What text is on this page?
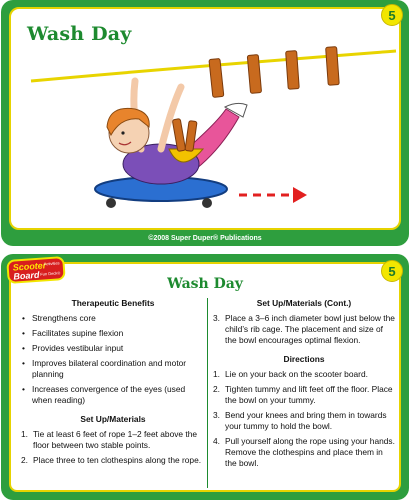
Wash Day
5
©2008 Super Duper® Publications
Wash Day
Therapeutic Benefits
• Strengthens core
• Facilitates supine flexion
• Provides vestibular input
• Improves bilateral coordination and motor planning
• Increases convergence of the eyes (used when reading)
Set Up/Materials
1. Tie at least 6 feet of rope 1–2 feet above the floor between two stable points.
2. Place three to ten clothespins along the rope.
Set Up/Materials (Cont.)
3. Place a 3–6 inch diameter bowl just below the child’s rib cage. The placement and size of the bowl encourages optimal flexion.
Directions
1. Lie on your back on the scooter board.
2. Tighten tummy and lift feet off the floor. Place the bowl on your tummy.
3. Bend your knees and bring them in towards your tummy to hold the bowl.
4. Pull yourself along the rope using your hands. Remove the clothespins and place them in the bowl.
Scooter
Board
Activities
Fun Deck®	5
